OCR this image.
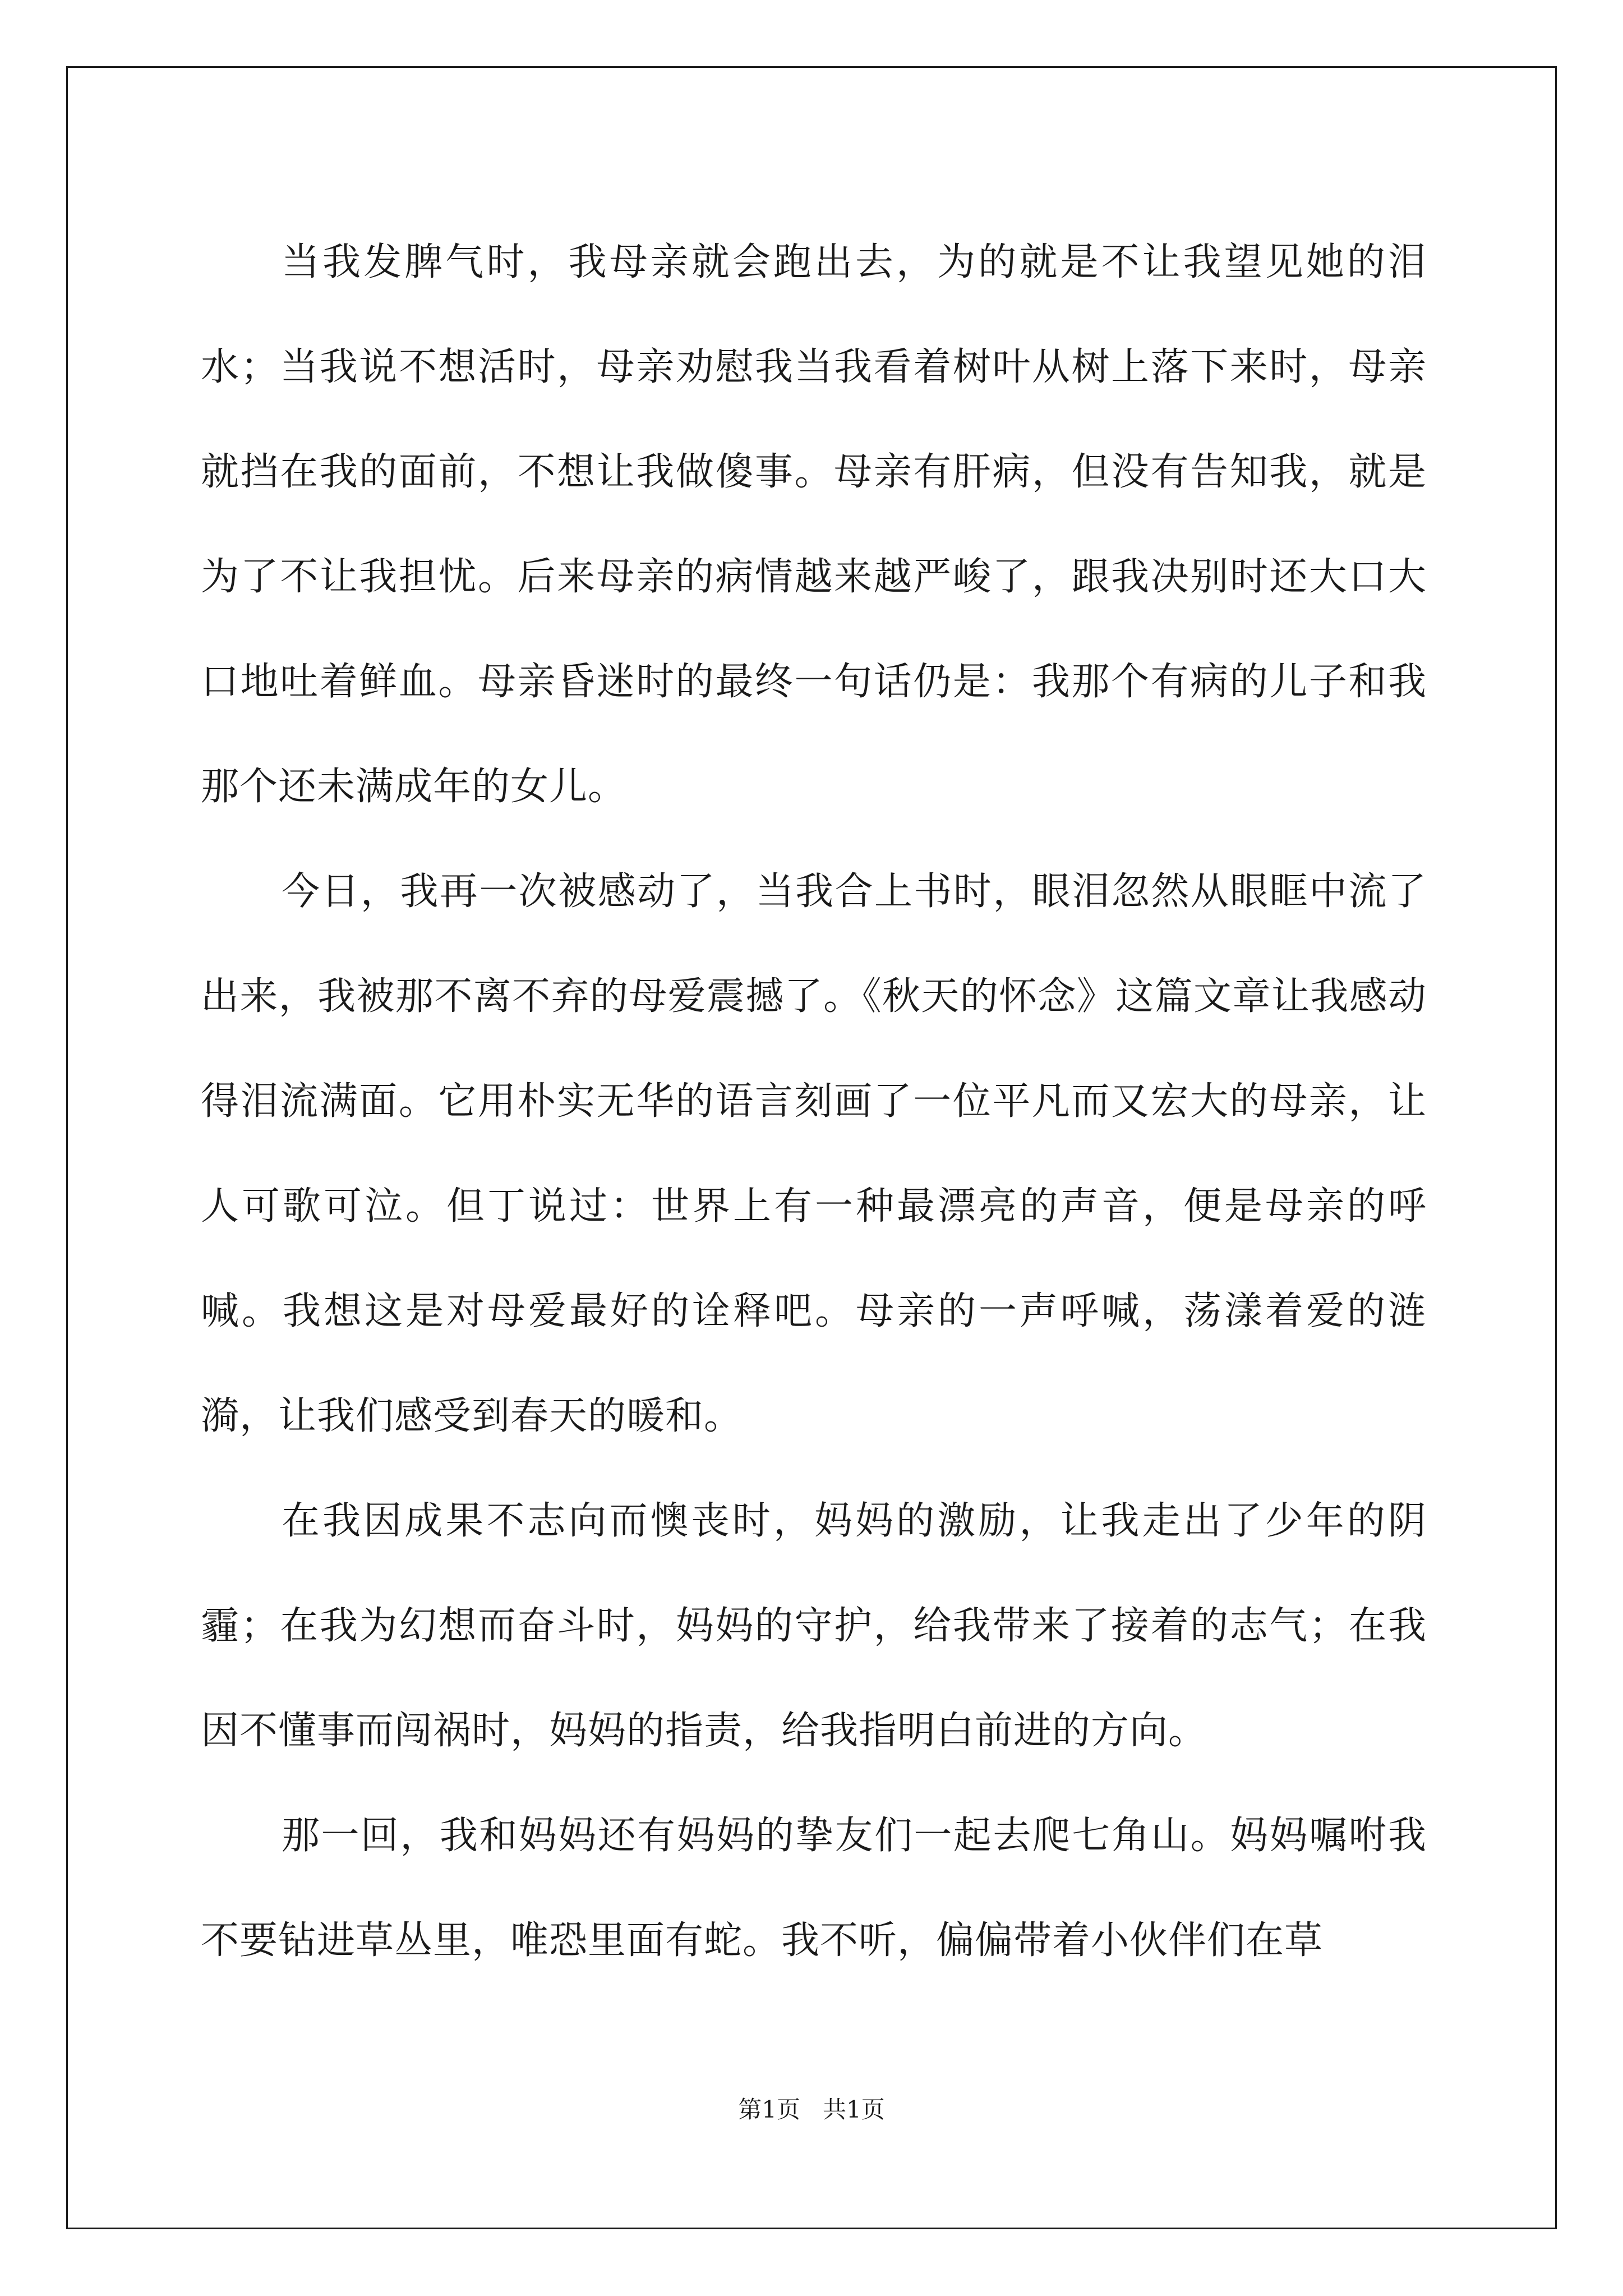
当我发脾气时，我母亲就会跑出去，为的就是不让我望见她的泪水；当我说不想活时，母亲劝慰我当我看着树叶从树上落下来时，母亲就挡在我的面前，不想让我做傻事。母亲有肝病，但没有告知我，就是为了不让我担忧。后来母亲的病情越来越严峻了，跟我决别时还大口大口地吐着鲜血。母亲昏迷时的最终一句话仍是：我那个有病的儿子和我那个还未满成年的女儿。

今日，我再一次被感动了，当我合上书时，眼泪忽然从眼眶中流了出来，我被那不离不弃的母爱震撼了。《秋天的怀念》这篇文章让我感动得泪流满面。它用朴实无华的语言刻画了一位平凡而又宏大的母亲，让人可歌可泣。但丁说过：世界上有一种最漂亮的声音，便是母亲的呼喊。我想这是对母爱最好的诠释吧。母亲的一声呼喊，荡漾着爱的涟漪，让我们感受到春天的暖和。

在我因成果不志向而懊丧时，妈妈的激励，让我走出了少年的阴霾；在我为幻想而奋斗时，妈妈的守护，给我带来了接着的志气；在我因不懂事而闯祸时，妈妈的指责，给我指明白前进的方向。

那一回，我和妈妈还有妈妈的挚友们一起去爬七角山。妈妈嘱咐我不要钻进草丛里，唯恐里面有蛇。我不听，偏偏带着小伙伴们在草

第1页   共1页
